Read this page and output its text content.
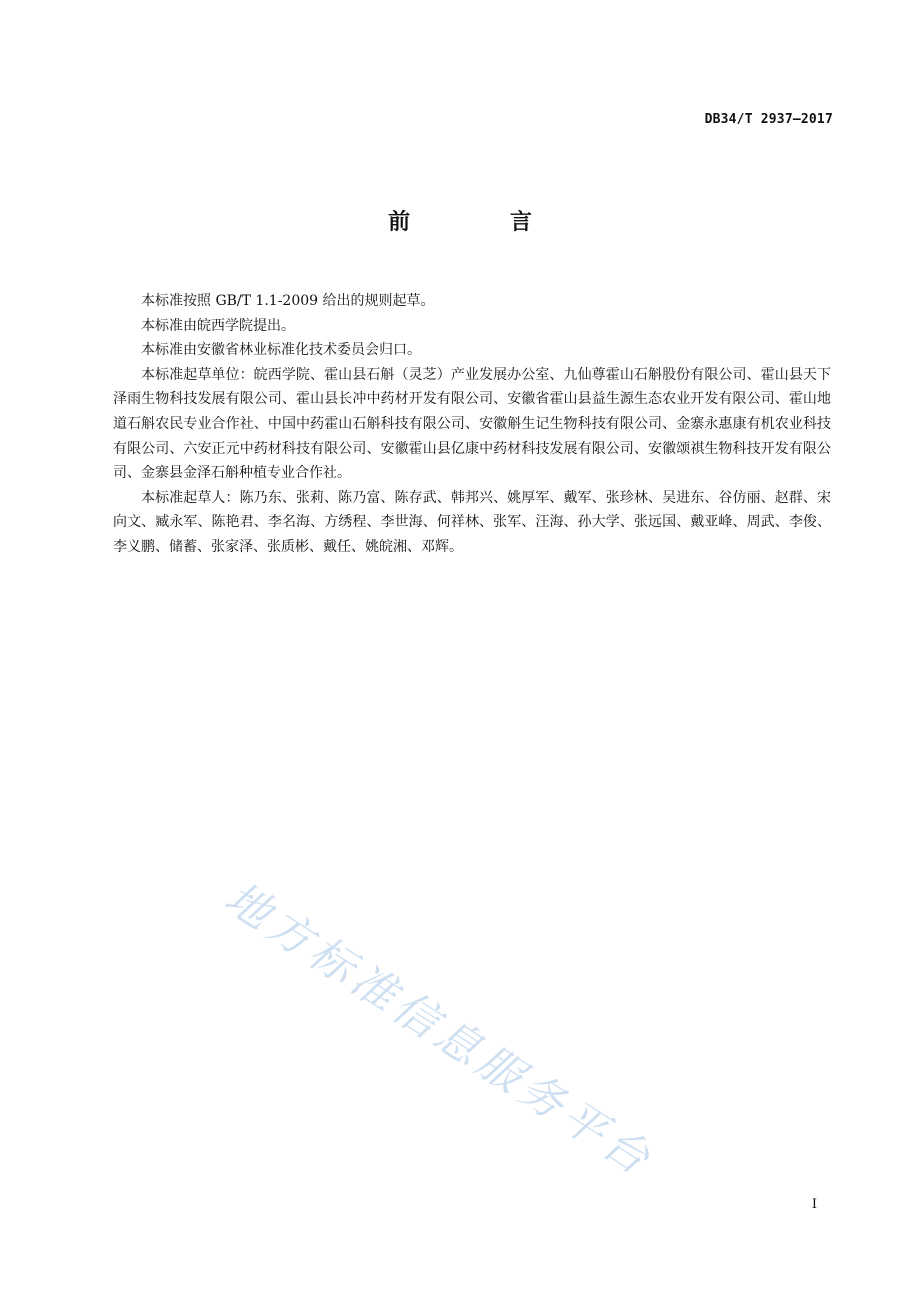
DB34/T 2937—2017
前 言

本标准按照 GB/T 1.1-2009 给出的规则起草。

本标准由皖西学院提出。

本标准由安徽省林业标准化技术委员会归口。

本标准起草单位：皖西学院、霍山县石斛（灵芝）产业发展办公室、九仙尊霍山石斛股份有限公司、霍山县天下泽雨生物科技发展有限公司、霍山县长冲中药材开发有限公司、安徽省霍山县益生源生态农业开发有限公司、霍山地道石斛农民专业合作社、中国中药霍山石斛科技有限公司、安徽斛生记生物科技有限公司、金寨永惠康有机农业科技有限公司、六安正元中药材科技有限公司、安徽霍山县亿康中药材科技发展有限公司、安徽颂祺生物科技开发有限公司、金寨县金泽石斛种植专业合作社。

本标准起草人：陈乃东、张莉、陈乃富、陈存武、韩邦兴、姚厚军、戴军、张珍林、吴进东、谷仿丽、赵群、宋向文、臧永军、陈艳君、李名海、方绣程、李世海、何祥林、张军、汪海、孙大学、张远国、戴亚峰、周武、李俊、李义鹏、储蓄、张家泽、张质彬、戴任、姚皖湘、邓辉。

地方标准信息服务平台
I
